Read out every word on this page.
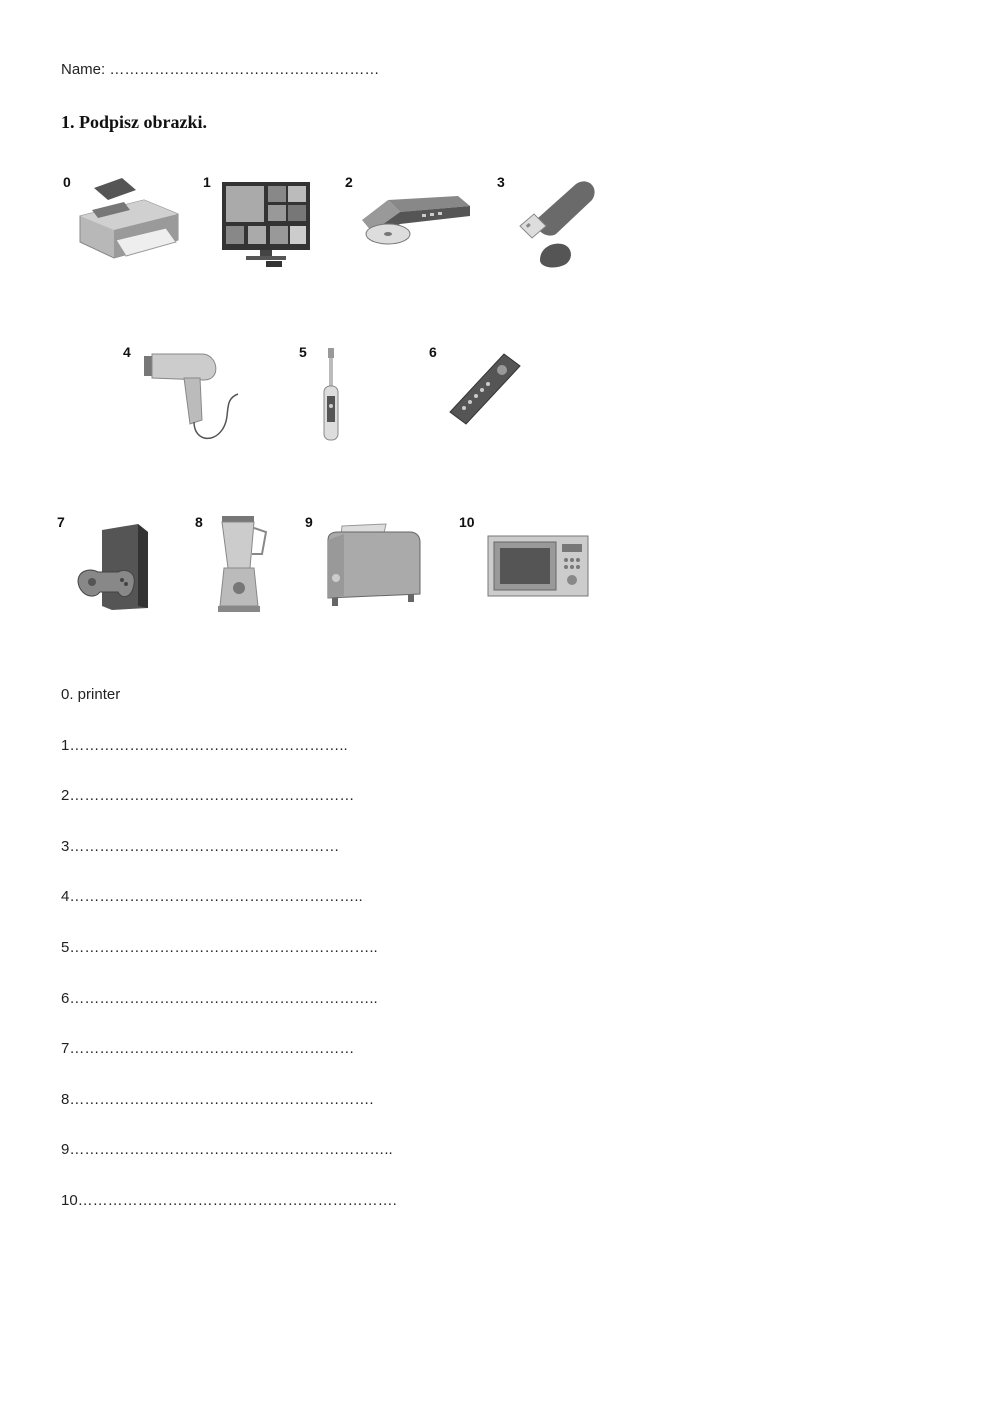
Name: ………………………………………………
1. Podpisz obrazki.
0	1	2	3
4	5	6
7	8	9	10
0. printer
1………………………………………………..
2…………………………………………………
3………………………………………………
4…………………………………………………..
5……………………………………………………..
6……………………………………………………..
7…………………………………………………
8…………………………………………………….
9………………………………………………………..
10……………………………………………………….
